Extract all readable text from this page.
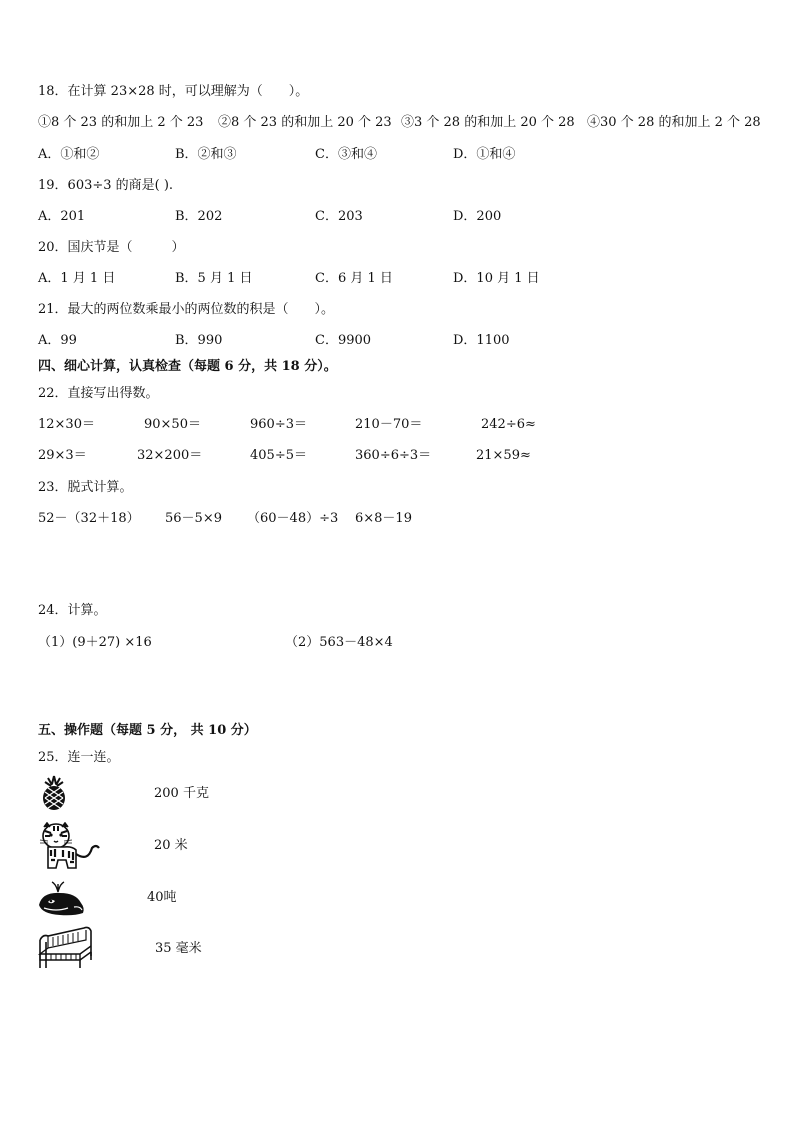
18．在计算 23×28 时，可以理解为（　　）。
①8 个 23 的和加上 2 个 23 ②8 个 23 的和加上 20 个 23 ③3 个 28 的和加上 20 个 28 ④30 个 28 的和加上 2 个 28
A．①和②	B．②和③	C．③和④	D．①和④
19．603÷3 的商是( ).
A．201	B．202	C．203	D．200
20．国庆节是（　　　）
A．1 月 1 日	B．5 月 1 日	C．6 月 1 日	D．10 月 1 日
21．最大的两位数乘最小的两位数的积是（　　）。
A．99	B．990	C．9900	D．1100
四、细心计算，认真检查（每题 6 分，共 18 分）。
22．直接写出得数。
12×30＝	90×50＝	960÷3＝	210－70＝	242÷6≈
29×3＝	32×200＝	405÷5＝	360÷6÷3＝	21×59≈
23．脱式计算。
52－（32＋18） 56－5×9 （60－48）÷3 6×8－19
24．计算。
（1）(9＋27) ×16	（2）563－48×4
五、操作题（每题 5 分， 共 10 分）
25．连一连。
200 千克
20 米
40吨
35 毫米
